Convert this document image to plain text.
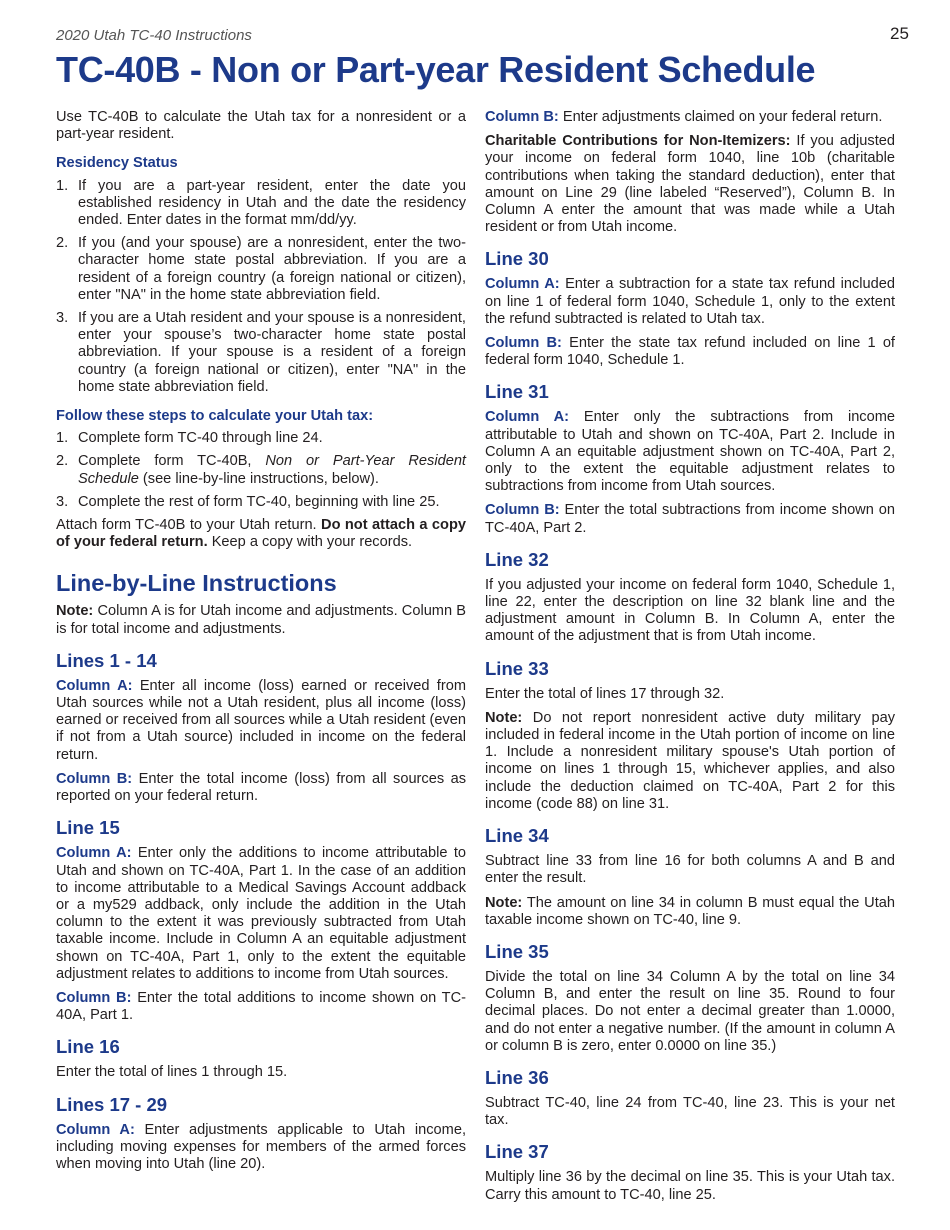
2020 Utah TC-40 Instructions	25
TC-40B - Non or Part-year Resident Schedule

Use TC-40B to calculate the Utah tax for a nonresident or a part-year resident.

Residency Status
1. If you are a part-year resident, enter the date you established residency in Utah and the date the residency ended. Enter dates in the format mm/dd/yy.
2. If you (and your spouse) are a nonresident, enter the two-character home state postal abbreviation. If you are a resident of a foreign country (a foreign national or citizen), enter "NA" in the home state abbreviation field.
3. If you are a Utah resident and your spouse is a nonresident, enter your spouse’s two-character home state postal abbreviation. If your spouse is a resident of a foreign country (a foreign national or citizen), enter "NA" in the home state abbreviation field.
Follow these steps to calculate your Utah tax:
1. Complete form TC-40 through line 24.
2. Complete form TC-40B, Non or Part-Year Resident Schedule (see line-by-line instructions, below).
3. Complete the rest of form TC-40, beginning with line 25.

Attach form TC-40B to your Utah return. Do not attach a copy of your federal return. Keep a copy with your records.

Line-by-Line Instructions

Note: Column A is for Utah income and adjustments. Column B is for total income and adjustments.

Lines 1 - 14

Column A: Enter all income (loss) earned or received from Utah sources while not a Utah resident, plus all income (loss) earned or received from all sources while a Utah resident (even if not from a Utah source) included in income on the federal return.

Column B: Enter the total income (loss) from all sources as reported on your federal return.

Line 15

Column A: Enter only the additions to income attributable to Utah and shown on TC-40A, Part 1. In the case of an addition to income attributable to a Medical Savings Account addback or a my529 addback, only include the addition in the Utah column to the extent it was previously subtracted from Utah taxable income. Include in Column A an equitable adjustment shown on TC-40A, Part 1, only to the extent the equitable adjustment relates to additions to income from Utah sources.

Column B: Enter the total additions to income shown on TC-40A, Part 1.

Line 16

Enter the total of lines 1 through 15.

Lines 17 - 29

Column A: Enter adjustments applicable to Utah income, including moving expenses for members of the armed forces when moving into Utah (line 20).

Column B: Enter adjustments claimed on your federal return.

Charitable Contributions for Non-Itemizers: If you adjusted your income on federal form 1040, line 10b (charitable contributions when taking the standard deduction), enter that amount on Line 29 (line labeled “Reserved”), Column B. In Column A enter the amount that was made while a Utah resident or from Utah income.

Line 30

Column A: Enter a subtraction for a state tax refund included on line 1 of federal form 1040, Schedule 1, only to the extent the refund subtracted is related to Utah tax.

Column B: Enter the state tax refund included on line 1 of federal form 1040, Schedule 1.

Line 31

Column A: Enter only the subtractions from income attributable to Utah and shown on TC-40A, Part 2. Include in Column A an equitable adjustment shown on TC-40A, Part 2, only to the extent the equitable adjustment relates to subtractions from income from Utah sources.

Column B: Enter the total subtractions from income shown on TC-40A, Part 2.

Line 32

If you adjusted your income on federal form 1040, Schedule 1, line 22, enter the description on line 32 blank line and the adjustment amount in Column B. In Column A, enter the amount of the adjustment that is from Utah income.

Line 33

Enter the total of lines 17 through 32.

Note: Do not report nonresident active duty military pay included in federal income in the Utah portion of income on line 1. Include a nonresident military spouse's Utah portion of income on lines 1 through 15, whichever applies, and also include the deduction claimed on TC-40A, Part 2 for this income (code 88) on line 31.

Line 34

Subtract line 33 from line 16 for both columns A and B and enter the result.

Note: The amount on line 34 in column B must equal the Utah taxable income shown on TC-40, line 9.

Line 35

Divide the total on line 34 Column A by the total on line 34 Column B, and enter the result on line 35. Round to four decimal places. Do not enter a decimal greater than 1.0000, and do not enter a negative number. (If the amount in column A or column B is zero, enter 0.0000 on line 35.)

Line 36

Subtract TC-40, line 24 from TC-40, line 23. This is your net tax.

Line 37

Multiply line 36 by the decimal on line 35. This is your Utah tax. Carry this amount to TC-40, line 25.
